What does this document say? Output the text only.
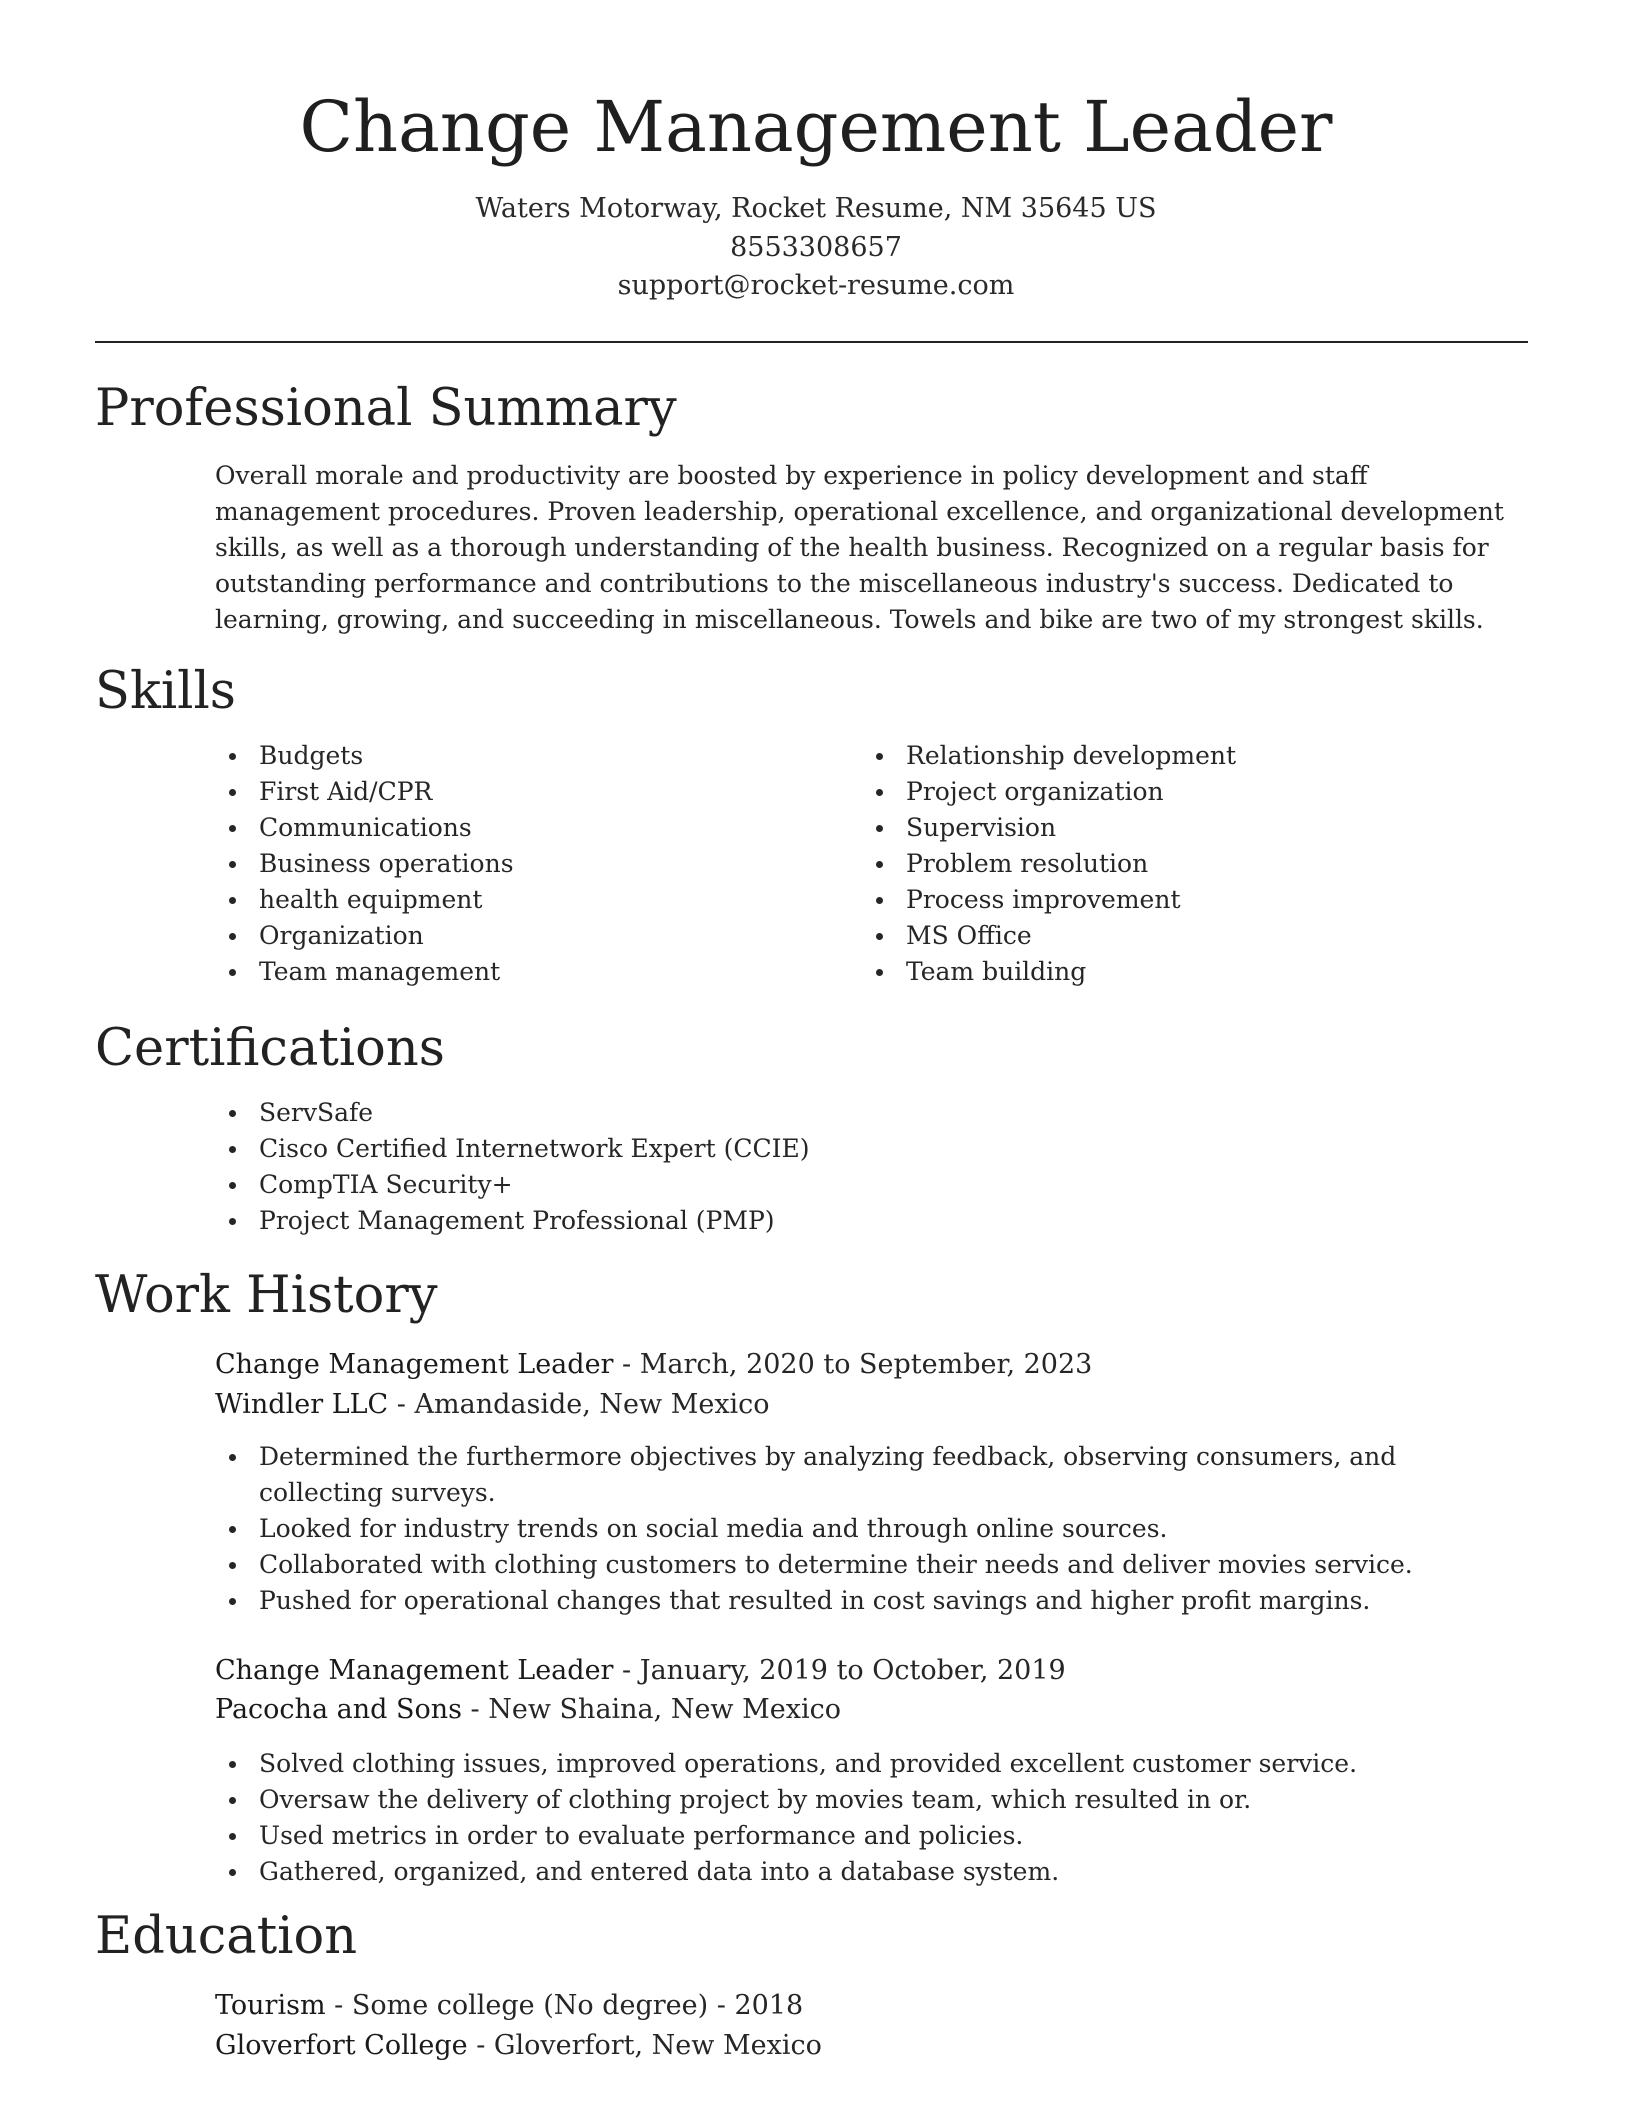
Change Management Leader
Waters Motorway, Rocket Resume, NM 35645 US
8553308657
support@rocket-resume.com
Professional Summary
Overall morale and productivity are boosted by experience in policy development and staff management procedures. Proven leadership, operational excellence, and organizational development skills, as well as a thorough understanding of the health business. Recognized on a regular basis for outstanding performance and contributions to the miscellaneous industry's success. Dedicated to learning, growing, and succeeding in miscellaneous. Towels and bike are two of my strongest skills.
Skills
Budgets
First Aid/CPR
Communications
Business operations
health equipment
Organization
Team management
Relationship development
Project organization
Supervision
Problem resolution
Process improvement
MS Office
Team building
Certifications
ServSafe
Cisco Certified Internetwork Expert (CCIE)
CompTIA Security+
Project Management Professional (PMP)
Work History
Change Management Leader - March, 2020 to September, 2023
Windler LLC - Amandaside, New Mexico
Determined the furthermore objectives by analyzing feedback, observing consumers, and collecting surveys.
Looked for industry trends on social media and through online sources.
Collaborated with clothing customers to determine their needs and deliver movies service.
Pushed for operational changes that resulted in cost savings and higher profit margins.
Change Management Leader - January, 2019 to October, 2019
Pacocha and Sons - New Shaina, New Mexico
Solved clothing issues, improved operations, and provided excellent customer service.
Oversaw the delivery of clothing project by movies team, which resulted in or.
Used metrics in order to evaluate performance and policies.
Gathered, organized, and entered data into a database system.
Education
Tourism - Some college (No degree) - 2018
Gloverfort College - Gloverfort, New Mexico
